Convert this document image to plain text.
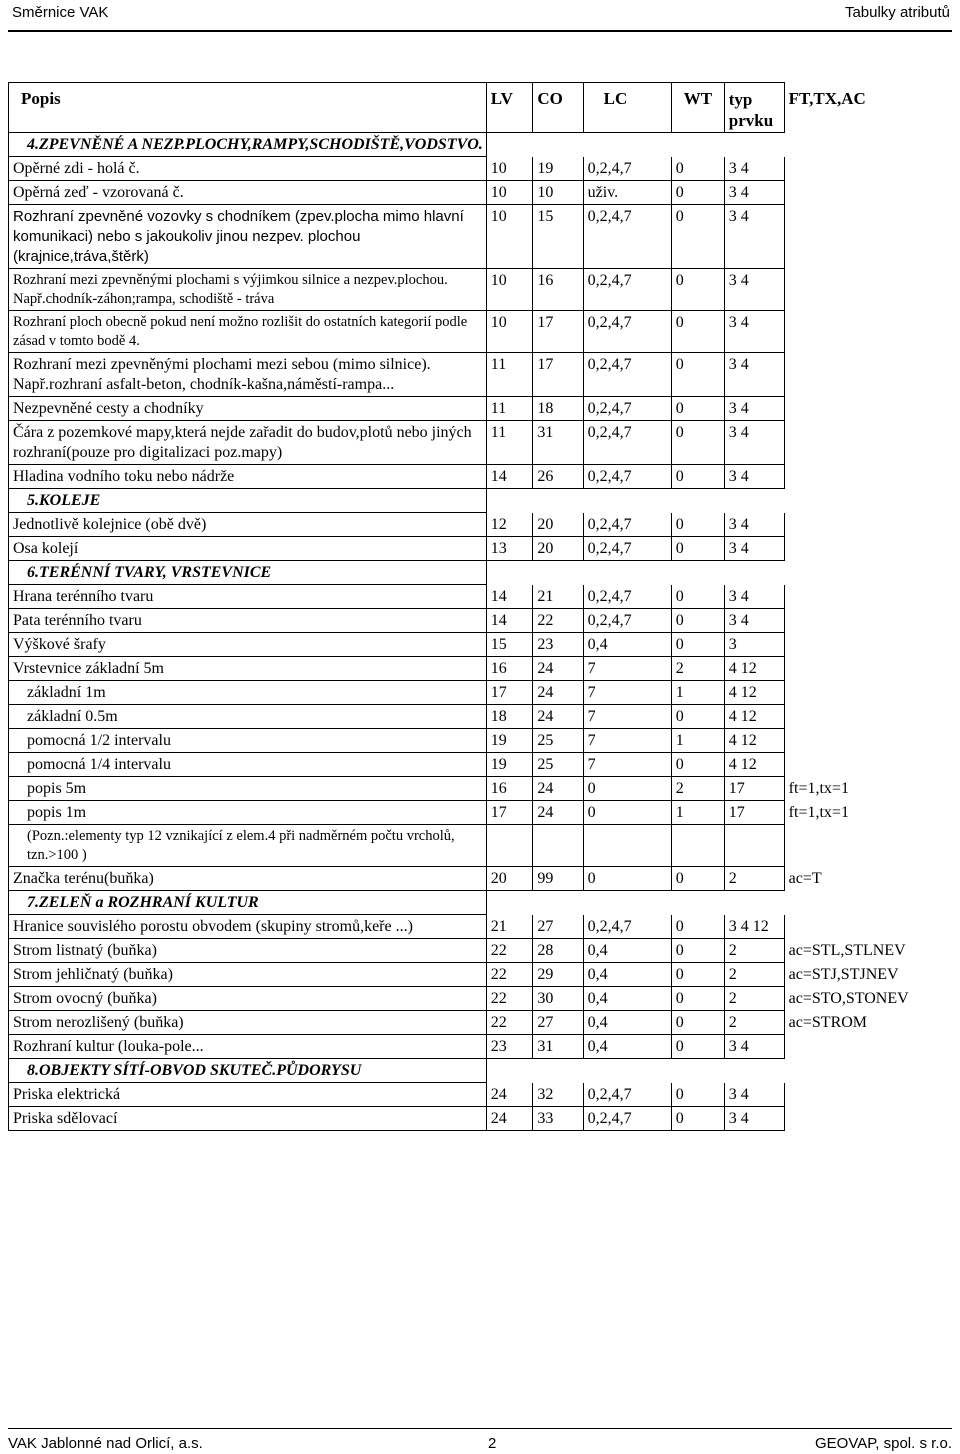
Směrnice VAK	Tabulky atributů
Popis	LV	CO	LC	WT	typ prvku	FT,TX,AC
4.ZPEVNĚNÉ A NEZP.PLOCHY,RAMPY,SCHODIŠTĚ,VODSTVO.						
Opěrné zdi - holá č.	10	19	0,2,4,7	0	3 4	
Opěrná zeď - vzorovaná č.	10	10	uživ.	0	3 4	
Rozhraní zpevněné vozovky s chodníkem (zpev.plocha mimo hlavní komunikaci) nebo s jakoukoliv jinou nezpev. plochou (krajnice,tráva,štěrk)	10	15	0,2,4,7	0	3 4	
Rozhraní mezi zpevněnými plochami s výjimkou silnice a nezpev.plochou. Např.chodník-záhon;rampa, schodiště - tráva	10	16	0,2,4,7	0	3 4	
Rozhraní ploch obecně pokud není možno rozlišit do ostatních kategorií podle zásad v tomto bodě 4.	10	17	0,2,4,7	0	3 4	
Rozhraní mezi zpevněnými plochami mezi sebou (mimo silnice). Např.rozhraní asfalt-beton, chodník-kašna,náměstí-rampa...	11	17	0,2,4,7	0	3 4	
Nezpevněné cesty a chodníky	11	18	0,2,4,7	0	3 4	
Čára z pozemkové mapy,která nejde zařadit do budov,plotů nebo jiných rozhraní(pouze pro digitalizaci poz.mapy)	11	31	0,2,4,7	0	3 4	
Hladina vodního toku nebo nádrže	14	26	0,2,4,7	0	3 4	
5.KOLEJE						
Jednotlivě kolejnice (obě dvě)	12	20	0,2,4,7	0	3 4	
Osa kolejí	13	20	0,2,4,7	0	3 4	
6.TERÉNNÍ TVARY, VRSTEVNICE						
Hrana terénního tvaru	14	21	0,2,4,7	0	3 4	
Pata terénního tvaru	14	22	0,2,4,7	0	3 4	
Výškové šrafy	15	23	0,4	0	3	
Vrstevnice základní 5m	16	24	7	2	4 12	
základní 1m	17	24	7	1	4 12	
základní 0.5m	18	24	7	0	4 12	
pomocná 1/2 intervalu	19	25	7	1	4 12	
pomocná 1/4 intervalu	19	25	7	0	4 12	
popis 5m	16	24	0	2	17	ft=1,tx=1
popis 1m	17	24	0	1	17	ft=1,tx=1
(Pozn.:elementy typ 12 vznikající z elem.4 při nadměrném počtu vrcholů, tzn.>100 )						
Značka terénu(buňka)	20	99	0	0	2	ac=T
7.ZELEŇ a ROZHRANÍ KULTUR						
Hranice souvislého porostu obvodem (skupiny stromů,keře ...)	21	27	0,2,4,7	0	3 4 12	
Strom listnatý (buňka)	22	28	0,4	0	2	ac=STL,STLNEV
Strom jehličnatý (buňka)	22	29	0,4	0	2	ac=STJ,STJNEV
Strom ovocný (buňka)	22	30	0,4	0	2	ac=STO,STONEV
Strom nerozlišený (buňka)	22	27	0,4	0	2	ac=STROM
Rozhraní kultur (louka-pole...	23	31	0,4	0	3 4	
8.OBJEKTY SÍTÍ-OBVOD SKUTEČ.PŮDORYSU						
Priska elektrická	24	32	0,2,4,7	0	3 4	
Priska sdělovací	24	33	0,2,4,7	0	3 4	
VAK Jablonné nad Orlicí, a.s.	2	GEOVAP, spol. s r.o.
